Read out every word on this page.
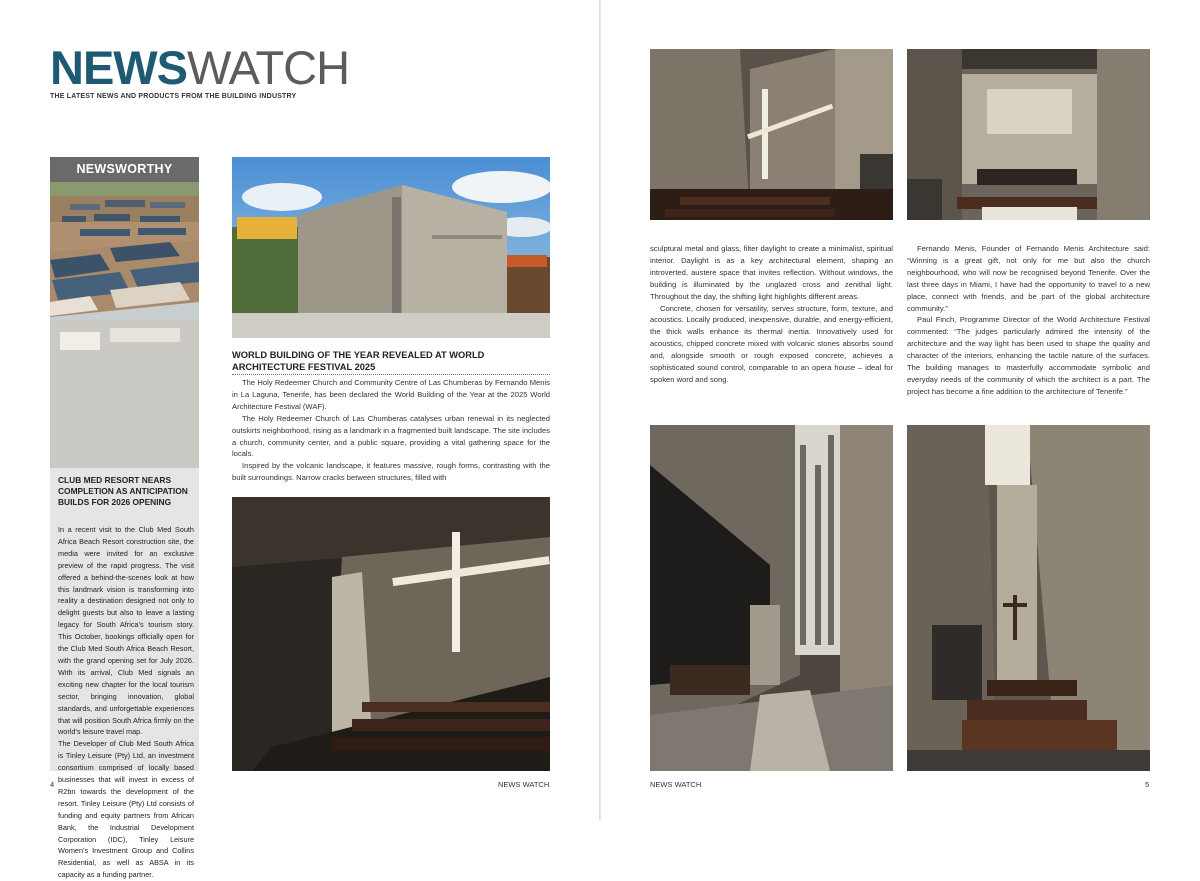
NEWSWATCH
THE LATEST NEWS AND PRODUCTS FROM THE BUILDING INDUSTRY
NEWSWORTHY
CLUB MED RESORT NEARS COMPLETION AS ANTICIPATION BUILDS FOR 2026 OPENING

In a recent visit to the Club Med South Africa Beach Resort construction site, the media were invited for an exclusive preview of the rapid progress. The visit offered a behind-the-scenes look at how this landmark vision is transforming into reality a destination designed not only to delight guests but also to leave a lasting legacy for South Africa’s tourism story. This October, bookings officially open for the Club Med South Africa Beach Resort, with the grand opening set for July 2026. With its arrival, Club Med signals an exciting new chapter for the local tourism sector, bringing innovation, global standards, and unforgettable experiences that will position South Africa firmly on the world’s leisure travel map.

The Developer of Club Med South Africa is Tinley Leisure (Pty) Ltd, an investment consortium comprised of locally based businesses that will invest in excess of R2bn towards the development of the resort. Tinley Leisure (Pty) Ltd consists of funding and equity partners from African Bank, the Industrial Development Corporation (IDC), Tinley Leisure Women’s Investment Group and Collins Residential, as well as ABSA in its capacity as a funding partner.

WORLD BUILDING OF THE YEAR REVEALED AT WORLD ARCHITECTURE FESTIVAL 2025

The Holy Redeemer Church and Community Centre of Las Chumberas by Fernando Menis in La Laguna, Tenerife, has been declared the World Building of the Year at the 2025 World Architecture Festival (WAF).

The Holy Redeemer Church of Las Chumberas catalyses urban renewal in its neglected outskirts neighborhood, rising as a landmark in a fragmented built landscape. The site includes a church, community center, and a public square, providing a vital gathering space for the locals.

Inspired by the volcanic landscape, it features massive, rough forms, contrasting with the built surroundings. Narrow cracks between structures, filled with

4	NEWS WATCH

sculptural metal and glass, filter daylight to create a minimalist, spiritual interior. Daylight is as a key architectural element, shaping an introverted, austere space that invites reflection. Without windows, the building is illuminated by the unglazed cross and zenithal light. Throughout the day, the shifting light highlights different areas.

Concrete, chosen for versatility, serves structure, form, texture, and acoustics. Locally produced, inexpensive, durable, and energy-efficient, the thick walls enhance its thermal inertia. Innovatively used for acoustics, chipped concrete mixed with volcanic stones absorbs sound and, alongside smooth or rough exposed concrete, achieves a sophisticated sound control, comparable to an opera house – ideal for spoken word and song.

Fernando Menis, Founder of Fernando Menis Architecture said: “Winning is a great gift, not only for me but also the church neighbourhood, who will now be recognised beyond Tenerife. Over the last three days in Miami, I have had the opportunity to travel to a new place, connect with friends, and be part of the global architecture community.”

Paul Finch, Programme Director of the World Architecture Festival commented: “The judges particularly admired the intensity of the architecture and the way light has been used to shape the quality and character of the interiors, enhancing the tactile nature of the surfaces. The building manages to masterfully accommodate symbolic and everyday needs of the community of which the architect is a part. The project has become a fine addition to the architecture of Tenerife.”

NEWS WATCH	5
